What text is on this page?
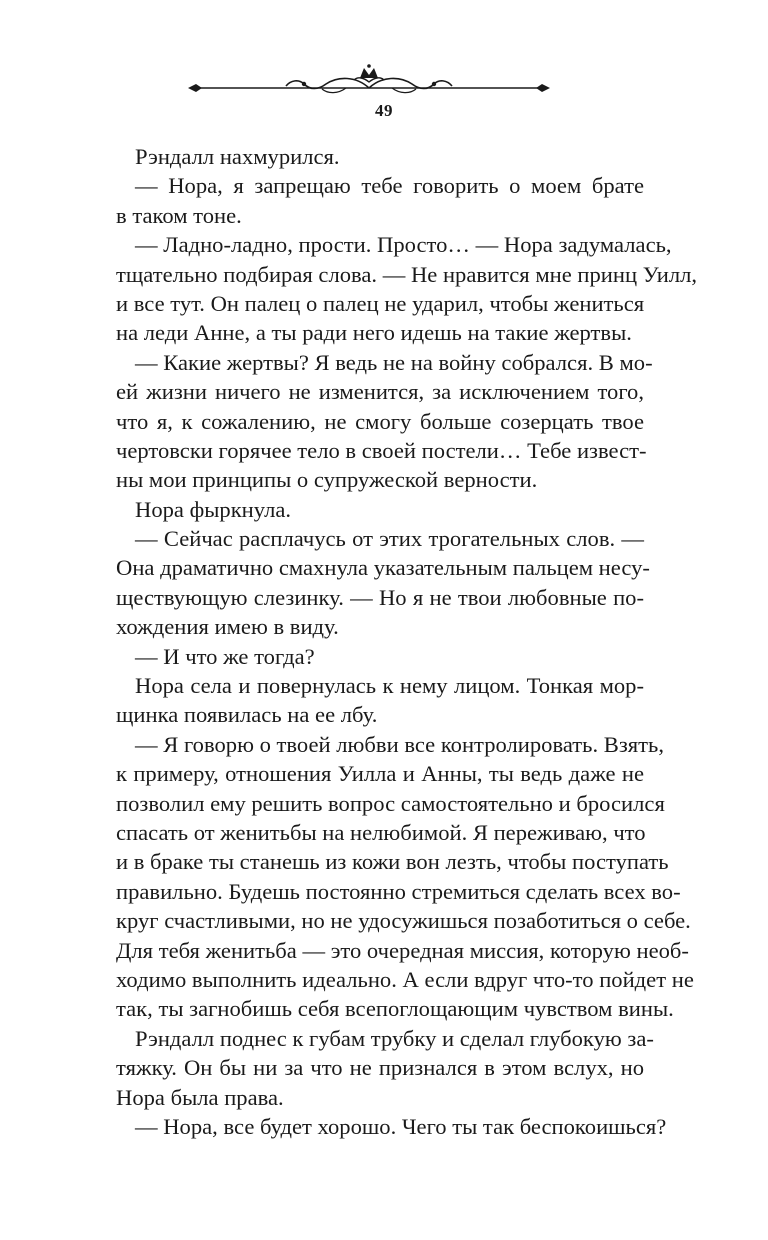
49
Рэндалл нахмурился.
— Нора, я запрещаю тебе говорить о моем брате
в таком тоне.
— Ладно-ладно, прости. Просто… — Нора задумалась,
тщательно подбирая слова. — Не нравится мне принц Уилл,
и все тут. Он палец о палец не ударил, чтобы жениться
на леди Анне, а ты ради него идешь на такие жертвы.
— Какие жертвы? Я ведь не на войну собрался. В мо-
ей жизни ничего не изменится, за исключением того,
что я, к сожалению, не смогу больше созерцать твое
чертовски горячее тело в своей постели… Тебе извест-
ны мои принципы о супружеской верности.
Нора фыркнула.
— Сейчас расплачусь от этих трогательных слов. —
Она драматично смахнула указательным пальцем несу-
ществующую слезинку. — Но я не твои любовные по-
хождения имею в виду.
— И что же тогда?
Нора села и повернулась к нему лицом. Тонкая мор-
щинка появилась на ее лбу.
— Я говорю о твоей любви все контролировать. Взять,
к примеру, отношения Уилла и Анны, ты ведь даже не
позволил ему решить вопрос самостоятельно и бросился
спасать от женитьбы на нелюбимой. Я переживаю, что
и в браке ты станешь из кожи вон лезть, чтобы поступать
правильно. Будешь постоянно стремиться сделать всех во-
круг счастливыми, но не удосужишься позаботиться о себе.
Для тебя женитьба — это очередная миссия, которую необ-
ходимо выполнить идеально. А если вдруг что-то пойдет не
так, ты загнобишь себя всепоглощающим чувством вины.
Рэндалл поднес к губам трубку и сделал глубокую за-
тяжку. Он бы ни за что не признался в этом вслух, но
Нора была права.
— Нора, все будет хорошо. Чего ты так беспокоишься?
